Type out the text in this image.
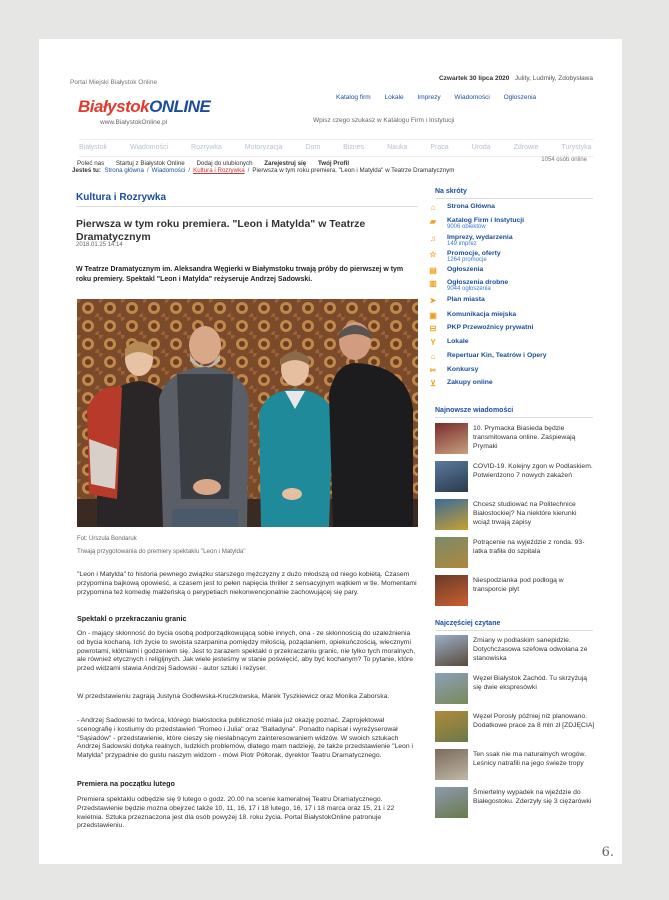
Portal Miejski Białystok Online
Czwartek 30 lipca 2020 Julity, Ludmiły, Zdobysława
BiałystokONLINE
www.BialystokOnline.pl
Katalog firm Lokale Imprezy Wiadomości Ogłoszenia
Wpisz czego szukasz w Katalogu Firm i Instytucji
Białystok	Wiadomości	Rozrywka	Motoryzacja	Dom	Biznes	Nauka	Praca	Uroda	Zdrowie	Turystyka
Poleć nas Startuj z Białystok Online Dodaj do ulubionych Zarejestruj się Twój Profil	1054 osób online
Jesteś tu: Strona główna / Wiadomości / Kultura i Rozrywka / Pierwsza w tym roku premiera. "Leon i Matylda" w Teatrze Dramatycznym
Kultura i Rozrywka
Pierwsza w tym roku premiera. "Leon i Matylda" w Teatrze Dramatycznym
2018.01.25 14:14
W Teatrze Dramatycznym im. Aleksandra Węgierki w Białymstoku trwają próby do pierwszej w tym roku premiery. Spektakl "Leon i Matylda" reżyseruje Andrzej Sadowski.
Fot: Urszula Bondaruk
Trwają przygotowania do premiery spektaklu "Leon i Matylda"
"Leon i Matylda" to historia pewnego związku starszego mężczyzny z dużo młodszą od niego kobietą. Czasem przypomina bajkową opowieść, a czasem jest to pełen napięcia thriller z sensacyjnym wątkiem w tle. Momentami przypomina też komedię małżeńską o perypetiach niekonwencjonalnie zachowującej się pary.
Spektakl o przekraczaniu granic
On - mający skłonność do bycia osobą podporządkowującą sobie innych, ona - ze skłonnością do uzależnienia od bycia kochaną. Ich życie to swoista szarpanina pomiędzy miłością, pożądaniem, opiekuńczością, wiecznymi powrotami, kłótniami i godzeniem się. Jest to zarazem spektakl o przekraczaniu granic, nie tylko tych moralnych, ale również etycznych i religijnych. Jak wiele jesteśmy w stanie poświęcić, aby być kochanym? To pytanie, które przed widzami stawia Andrzej Sadowski - autor sztuki i reżyser.
W przedstawieniu zagrają Justyna Godlewska-Kruczkowska, Marek Tyszkiewicz oraz Monika Zaborska.
- Andrzej Sadowski to twórca, którego białostocka publiczność miała już okazję poznać. Zaprojektował scenografię i kostiumy do przedstawień "Romeo i Julia" oraz "Balladyna". Ponadto napisał i wyreżyserował "Sąsiadów" - przedstawienie, które cieszy się niesłabnącym zainteresowaniem widzów. W swoich sztukach Andrzej Sadowski dotyka realnych, ludzkich problemów, dlatego mam nadzieję, że także przedstawienie "Leon i Matylda" przypadnie do gustu naszym widzom - mówi Piotr Półtorak, dyrektor Teatru Dramatycznego.
Premiera na początku lutego
Premiera spektaklu odbędzie się 9 lutego o godz. 20.00 na scenie kameralnej Teatru Dramatycznego. Przedstawienie będzie można obejrzeć także 10, 11, 16, 17 i 18 lutego, 16, 17 i 18 marca oraz 15, 21 i 22 kwietnia. Sztuka przeznaczona jest dla osób powyżej 18. roku życia. Portal BiałystokOnline patronuje przedstawieniu.
Na skróty
⌂	Strona Główna
▰ Katalog Firm i Instytucji
9006 obiektów
♫ Imprezy, wydarzenia
149 imprez
☆ Promocje, oferty
1264 promocje
▤ Ogłoszenia
▥ Ogłoszenia drobne
9044 ogłoszenia
➤ Plan miasta
▣ Komunikacja miejska
⊟ PKP Przewoźnicy prywatni
Y	Lokale
⌂	Repertuar Kin, Teatrów i Opery
✂ Konkursy
⊻	Zakupy online
Najnowsze wiadomości
10. Prymacka Biasieda będzie transmitowana online. Zaśpiewają Prymaki
COVID-19. Kolejny zgon w Podlaskiem. Potwierdzono 7 nowych zakażeń
Chcesz studiować na Politechnice Białostockiej? Na niektóre kierunki wciąż trwają zapisy
Potrącenie na wyjeździe z ronda. 93-latka trafiła do szpitala
Niespodzianka pod podłogą w transporcie płyt
Najczęściej czytane
Zmiany w podlaskim sanepidzie. Dotychczasowa szefowa odwołana ze stanowiska
Węzeł Białystok Zachód. Tu skrzyżują się dwie ekspresówki
Węzeł Porosły później niż planowano. Dodatkowe prace za 8 mln zł [ZDJĘCIA]
Ten ssak nie ma naturalnych wrogów. Leśnicy natrafili na jego świeże tropy
Śmiertelny wypadek na wjeździe do Białegostoku. Zderzyły się 3 ciężarówki
6.
